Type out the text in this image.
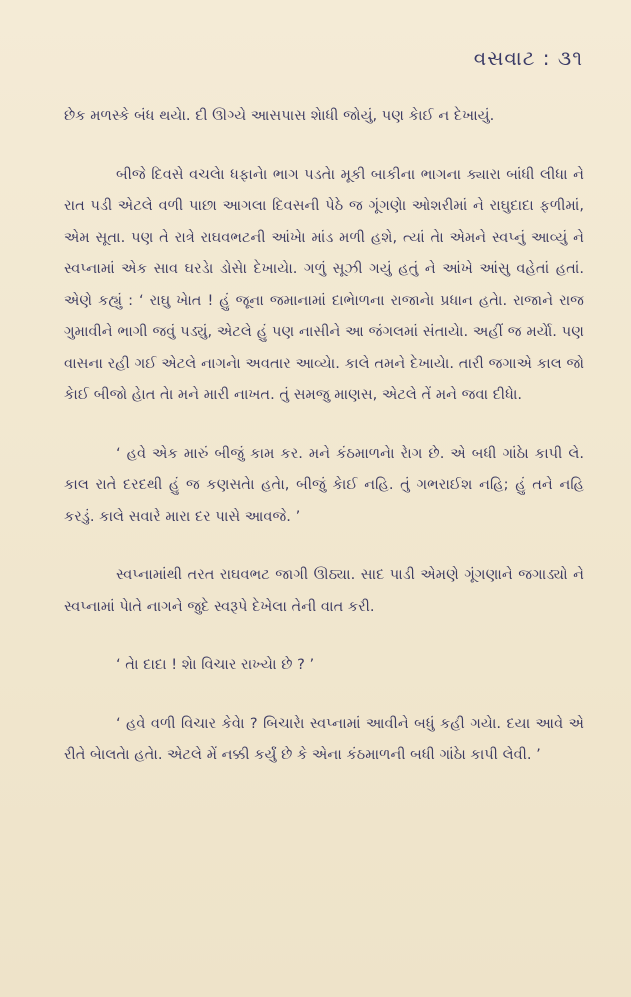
વસવાટ : ૩૧

છેક મળસ્કે બંધ થયેા. દી ઊગ્યે આસપાસ શેાધી જોયું, પણ કેાઈ ન દેખાયું.

બીજે દિવસે વચલેા ધફાનેા ભાગ પડતેા મૂકી બાકીના ભાગના ક્યારા બાંધી લીધા ને રાત પડી એટલે વળી પાછા આગલા દિવસની પેઠે જ ગૂંગણેા ઓશરીમાં ને રાઘુદાદા ફળીમાં, એમ સૂતા. પણ તે રાત્રે રાઘવભટની આંખેા માંડ મળી હશે, ત્યાં તેા એમને સ્વપ્નું આવ્યું ને સ્વપ્નામાં એક સાવ ઘરડેા ડોસેા દેખાયેા. ગળું સૂઝી ગયું હતું ને આંખે આંસુ વહેતાં હતાં. એણે કહ્યું : ‘ રાઘુ ખેાત ! હું જૂના જમાનામાં દાભેાળના રાજાનેા પ્રધાન હતેા. રાજાને રાજ ગુમાવીને ભાગી જવું પડ્યું, એટલે હું પણ નાસીને આ જંગલમાં સંતાયેા. અહીં જ મર્યેા. પણ વાસના રહી ગઈ એટલે નાગનેા અવતાર આવ્યેા. કાલે તમને દેખાયેા. તારી જગાએ કાલ જો કેાઈ બીજો હેાત તેા મને મારી નાખત. તું સમજુ માણસ, એટલે તેં મને જવા દીધેા.

‘ હવે એક મારું બીજું કામ કર. મને કંઠમાળનેા રેાગ છે. એ બધી ગાંઠેા કાપી લે. કાલ રાતે દરદથી હું જ કણસતેા હતેા, બીજું કેાઈ નહિ. તું ગભરાઈશ નહિ; હું તને નહિ કરડું. કાલે સવારે મારા દર પાસે આવજે. ’

સ્વપ્નામાંથી તરત રાઘવભટ જાગી ઊઠ્યા. સાદ પાડી એમણે ગૂંગણાને જગાડ્યો ને સ્વપ્નામાં પેાતે નાગને જુદે સ્વરૂપે દેખેલા તેની વાત કરી.

‘ તેા દાદા ! શેા વિચાર રાખ્યેા છે ? ’

‘ હવે વળી વિચાર કેવેા ? બિચારેા સ્વપ્નામાં આવીને બધું કહી ગયેા. દયા આવે એ રીતે બેાલતેા હતેા. એટલે મેં નક્કી કર્યું છે કે એના કંઠમાળની બધી ગાંઠેા કાપી લેવી. ’
